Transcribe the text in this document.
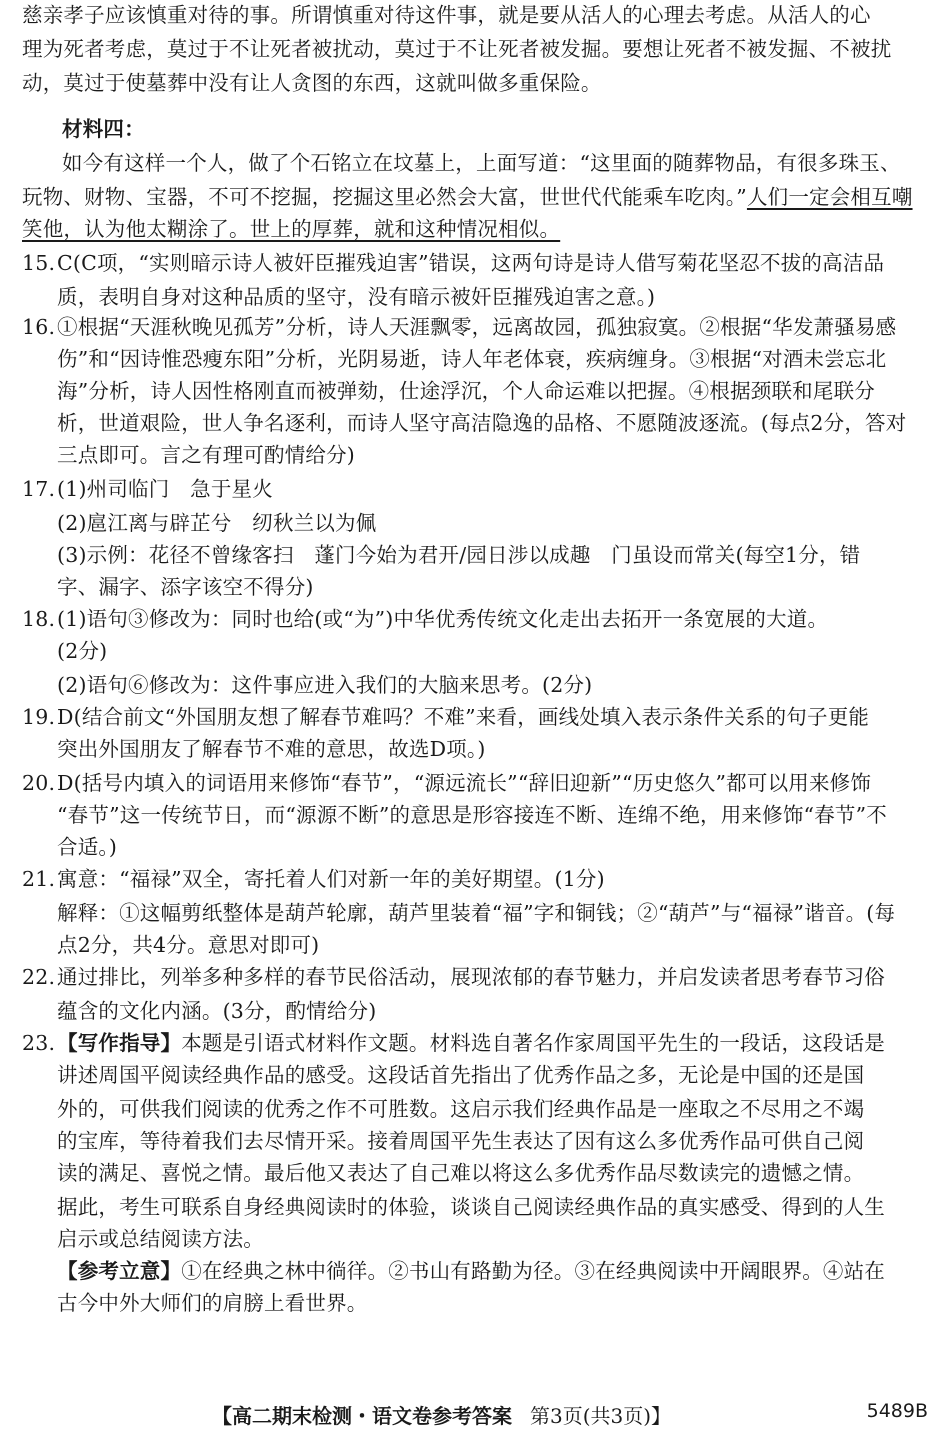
慈亲孝子应该慎重对待的事。所谓慎重对待这件事，就是要从活人的心理去考虑。从活人的心
理为死者考虑，莫过于不让死者被扰动，莫过于不让死者被发掘。要想让死者不被发掘、不被扰
动，莫过于使墓葬中没有让人贪图的东西，这就叫做多重保险。
材料四：
如今有这样一个人，做了个石铭立在坟墓上，上面写道：“这里面的随葬物品，有很多珠玉、
玩物、财物、宝器，不可不挖掘，挖掘这里必然会大富，世世代代能乘车吃肉。”人们一定会相互嘲
笑他，认为他太糊涂了。世上的厚葬，就和这种情况相似。
15.C(C项，“实则暗示诗人被奸臣摧残迫害”错误，这两句诗是诗人借写菊花坚忍不拔的高洁品
质，表明自身对这种品质的坚守，没有暗示被奸臣摧残迫害之意。)
16.①根据“天涯秋晚见孤芳”分析，诗人天涯飘零，远离故园，孤独寂寞。②根据“华发萧骚易感
伤”和“因诗惟恐瘦东阳”分析，光阴易逝，诗人年老体衰，疾病缠身。③根据“对酒未尝忘北
海”分析，诗人因性格刚直而被弹劾，仕途浮沉，个人命运难以把握。④根据颈联和尾联分
析，世道艰险，世人争名逐利，而诗人坚守高洁隐逸的品格、不愿随波逐流。(每点2分，答对
三点即可。言之有理可酌情给分)
17.(1)州司临门　急于星火
(2)扈江离与辟芷兮　纫秋兰以为佩
(3)示例：花径不曾缘客扫　蓬门今始为君开/园日涉以成趣　门虽设而常关(每空1分，错
字、漏字、添字该空不得分)
18.(1)语句③修改为：同时也给(或“为”)中华优秀传统文化走出去拓开一条宽展的大道。
(2分)
(2)语句⑥修改为：这件事应进入我们的大脑来思考。(2分)
19.D(结合前文“外国朋友想了解春节难吗？不难”来看，画线处填入表示条件关系的句子更能
突出外国朋友了解春节不难的意思，故选D项。)
20.D(括号内填入的词语用来修饰“春节”，“源远流长”“辞旧迎新”“历史悠久”都可以用来修饰
“春节”这一传统节日，而“源源不断”的意思是形容接连不断、连绵不绝，用来修饰“春节”不
合适。)
21.寓意：“福禄”双全，寄托着人们对新一年的美好期望。(1分)
解释：①这幅剪纸整体是葫芦轮廓，葫芦里装着“福”字和铜钱；②“葫芦”与“福禄”谐音。(每
点2分，共4分。意思对即可)
22.通过排比，列举多种多样的春节民俗活动，展现浓郁的春节魅力，并启发读者思考春节习俗
蕴含的文化内涵。(3分，酌情给分)
23.【写作指导】本题是引语式材料作文题。材料选自著名作家周国平先生的一段话，这段话是
讲述周国平阅读经典作品的感受。这段话首先指出了优秀作品之多，无论是中国的还是国
外的，可供我们阅读的优秀之作不可胜数。这启示我们经典作品是一座取之不尽用之不竭
的宝库，等待着我们去尽情开采。接着周国平先生表达了因有这么多优秀作品可供自己阅
读的满足、喜悦之情。最后他又表达了自己难以将这么多优秀作品尽数读完的遗憾之情。
据此，考生可联系自身经典阅读时的体验，谈谈自己阅读经典作品的真实感受、得到的人生
启示或总结阅读方法。
【参考立意】①在经典之林中徜徉。②书山有路勤为径。③在经典阅读中开阔眼界。④站在
古今中外大师们的肩膀上看世界。
【高二期末检测・语文卷参考答案 第3页(共3页)】	5489B
